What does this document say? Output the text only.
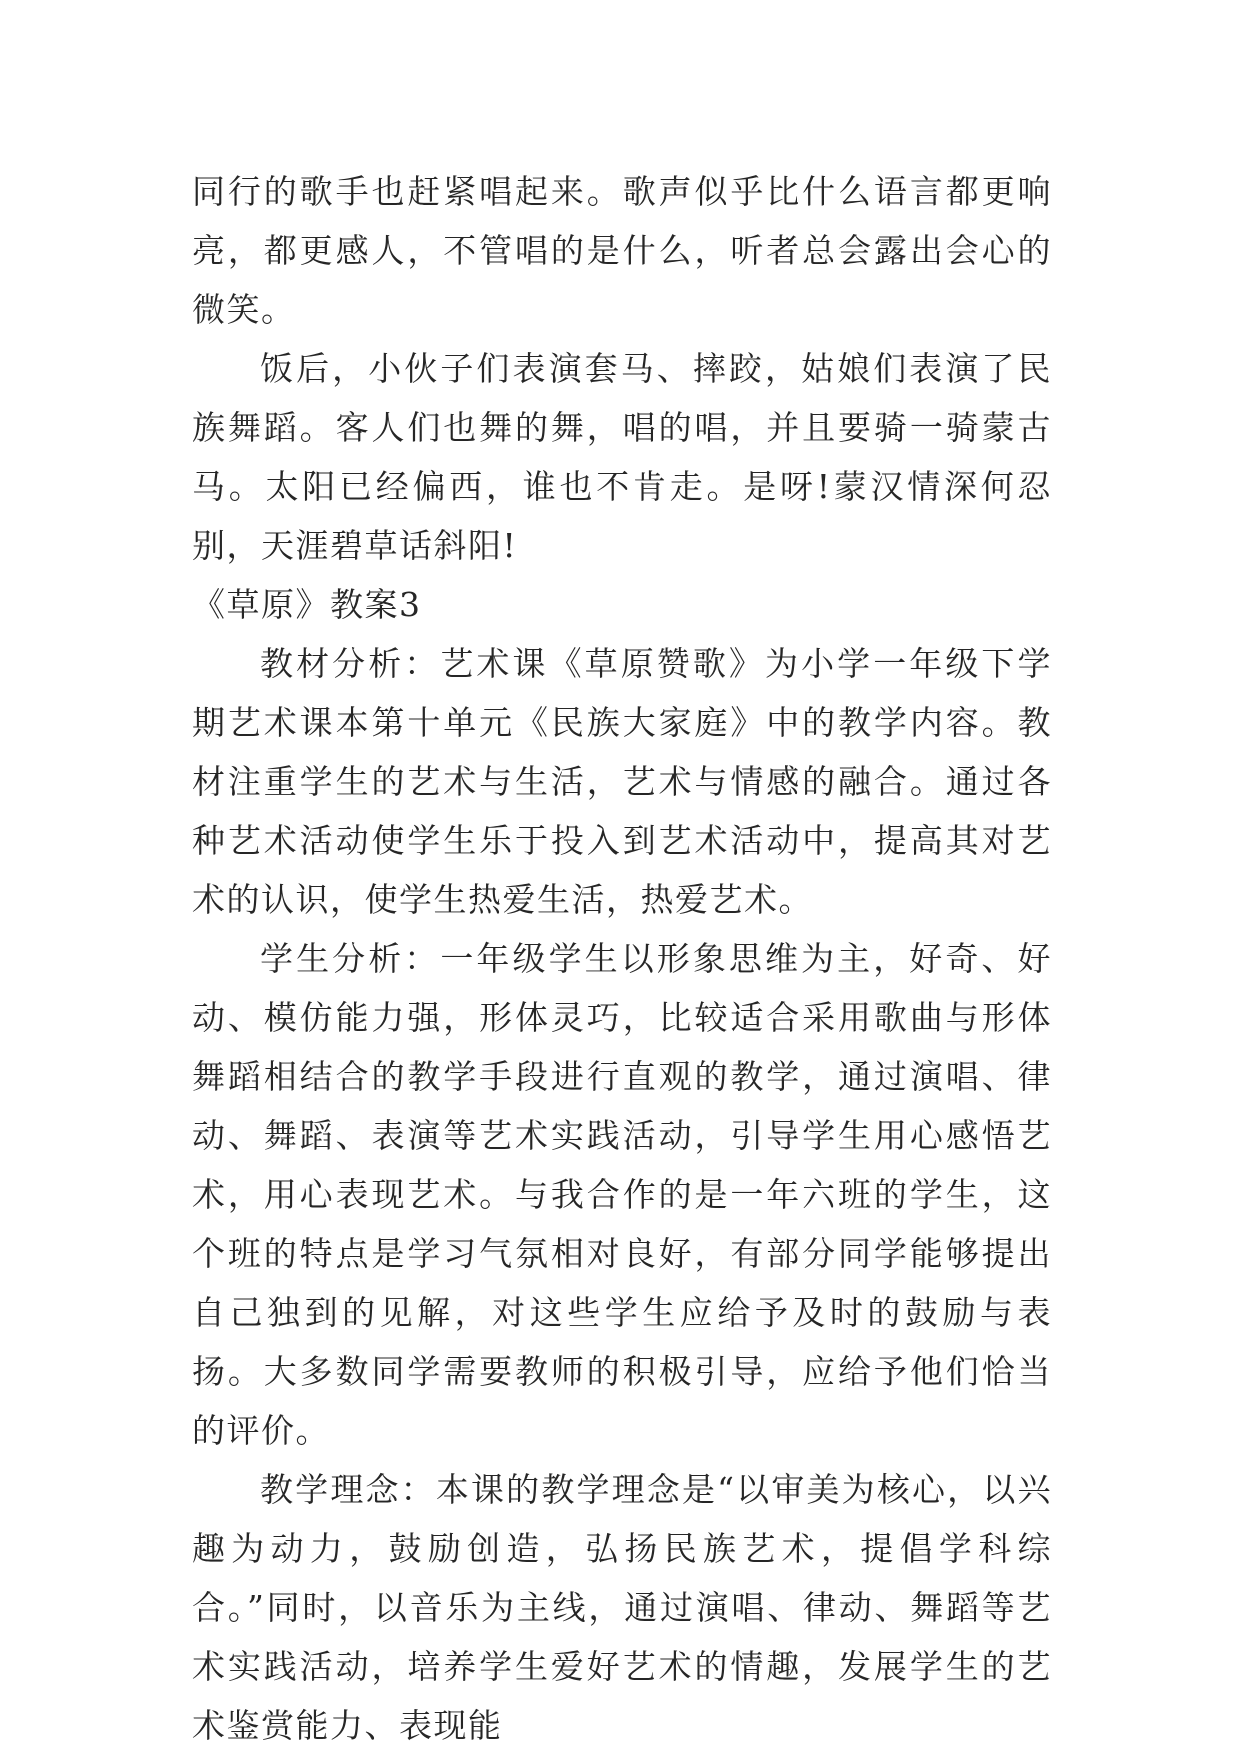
同行的歌手也赶紧唱起来。歌声似乎比什么语言都更响亮，都更感人，不管唱的是什么，听者总会露出会心的微笑。

饭后，小伙子们表演套马、摔跤，姑娘们表演了民族舞蹈。客人们也舞的舞，唱的唱，并且要骑一骑蒙古马。太阳已经偏西，谁也不肯走。是呀!蒙汉情深何忍别，天涯碧草话斜阳!

《草原》教案3

教材分析：艺术课《草原赞歌》为小学一年级下学期艺术课本第十单元《民族大家庭》中的教学内容。教材注重学生的艺术与生活，艺术与情感的融合。通过各种艺术活动使学生乐于投入到艺术活动中，提高其对艺术的认识，使学生热爱生活，热爱艺术。

学生分析：一年级学生以形象思维为主，好奇、好动、模仿能力强，形体灵巧，比较适合采用歌曲与形体舞蹈相结合的教学手段进行直观的教学，通过演唱、律动、舞蹈、表演等艺术实践活动，引导学生用心感悟艺术，用心表现艺术。与我合作的是一年六班的学生，这个班的特点是学习气氛相对良好，有部分同学能够提出自己独到的见解，对这些学生应给予及时的鼓励与表扬。大多数同学需要教师的积极引导，应给予他们恰当的评价。

教学理念：本课的教学理念是“以审美为核心，以兴趣为动力，鼓励创造，弘扬民族艺术，提倡学科综合。”同时，以音乐为主线，通过演唱、律动、舞蹈等艺术实践活动，培养学生爱好艺术的情趣，发展学生的艺术鉴赏能力、表现能
